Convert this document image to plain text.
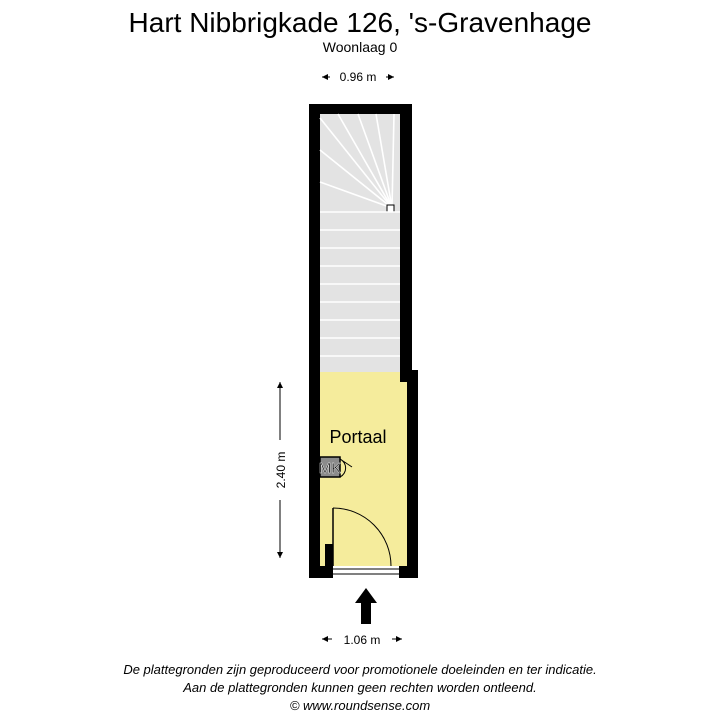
Hart Nibbrigkade 126, 's-Gravenhage
Woonlaag 0
MK
Portaal
0.96 m
2.40 m
1.06 m
De plattegronden zijn geproduceerd voor promotionele doeleinden en ter indicatie.
Aan de plattegronden kunnen geen rechten worden ontleend.
© www.roundsense.com
